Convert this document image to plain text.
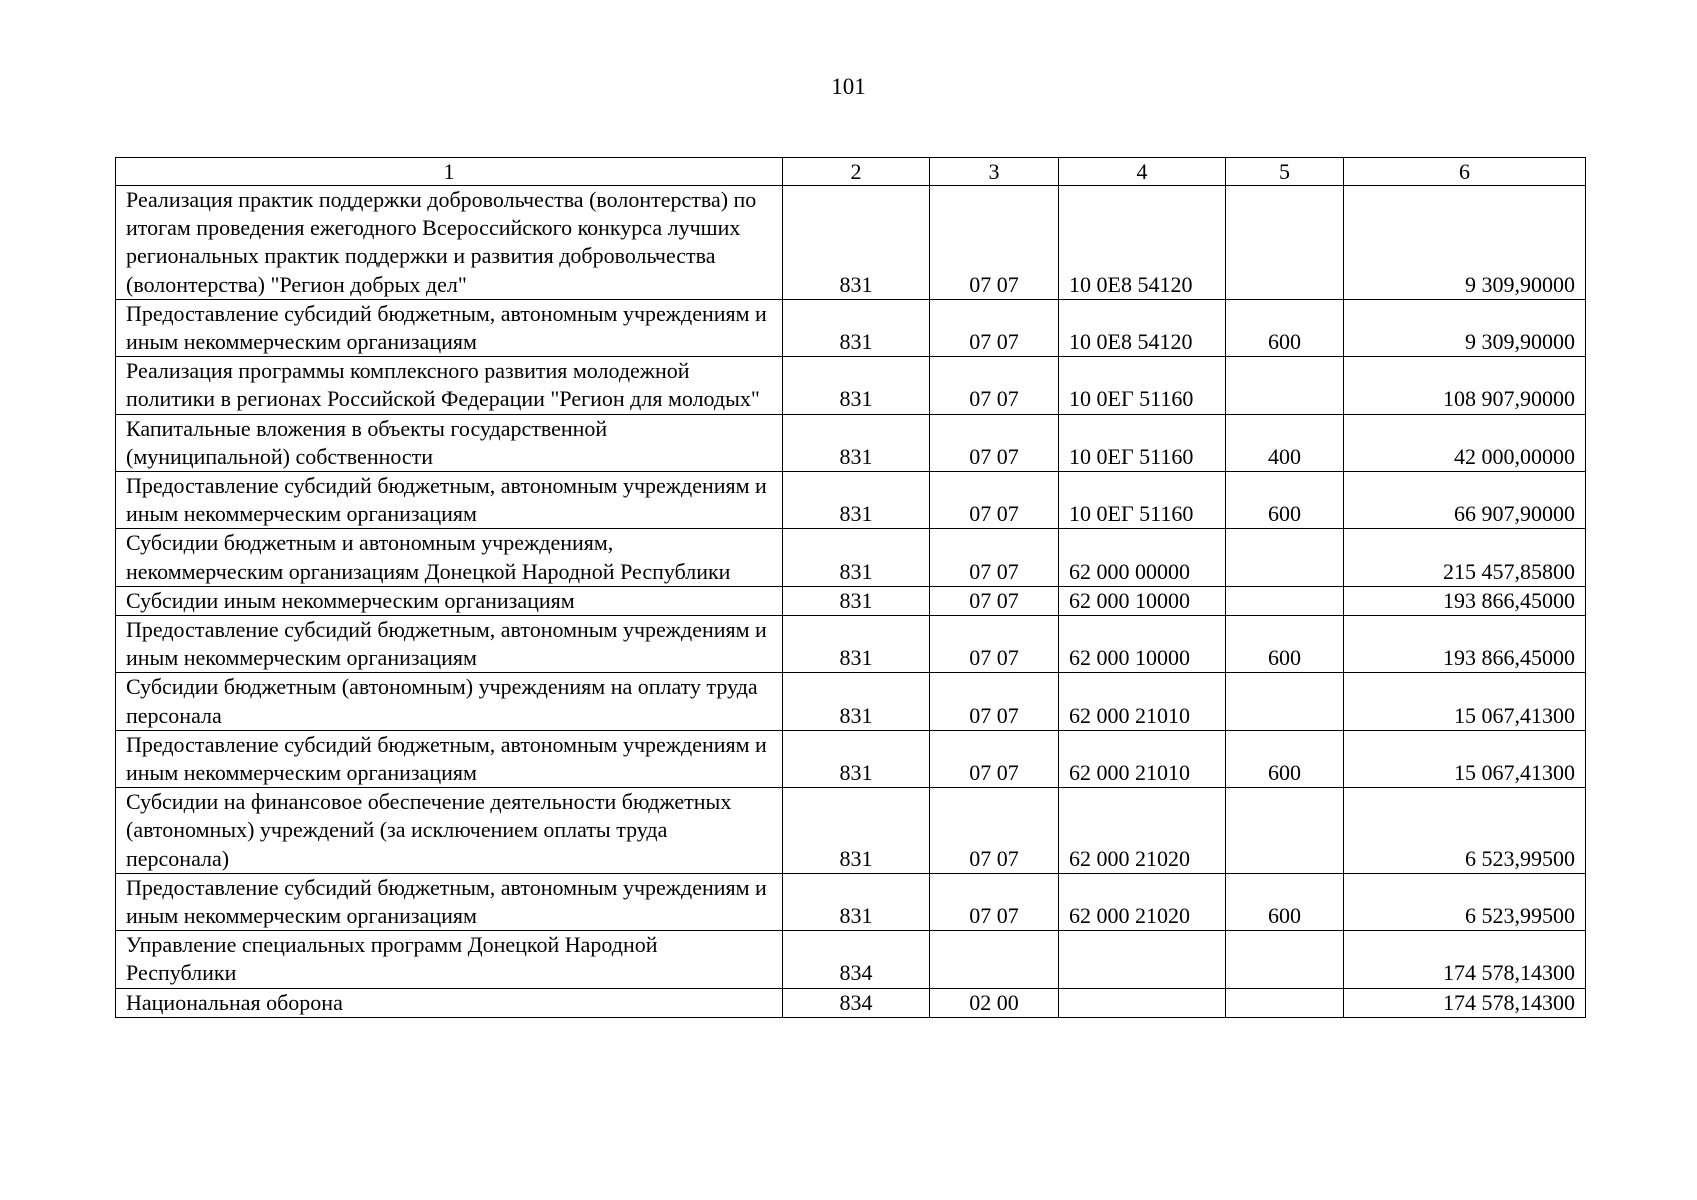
101
1	2	3	4	5	6
Реализация практик поддержки добровольчества (волонтерства) по итогам проведения ежегодного Всероссийского конкурса лучших региональных практик поддержки и развития добровольчества (волонтерства) "Регион добрых дел"	831	07 07	10 0Е8 54120		9 309,90000
Предоставление субсидий бюджетным, автономным учреждениям и иным некоммерческим организациям	831	07 07	10 0Е8 54120	600	9 309,90000
Реализация программы комплексного развития молодежной политики в регионах Российской Федерации "Регион для молодых"	831	07 07	10 0ЕГ 51160		108 907,90000
Капитальные вложения в объекты государственной (муниципальной) собственности	831	07 07	10 0ЕГ 51160	400	42 000,00000
Предоставление субсидий бюджетным, автономным учреждениям и иным некоммерческим организациям	831	07 07	10 0ЕГ 51160	600	66 907,90000
Субсидии бюджетным и автономным учреждениям, некоммерческим организациям Донецкой Народной Республики	831	07 07	62 000 00000		215 457,85800
Субсидии иным некоммерческим организациям	831	07 07	62 000 10000		193 866,45000
Предоставление субсидий бюджетным, автономным учреждениям и иным некоммерческим организациям	831	07 07	62 000 10000	600	193 866,45000
Субсидии бюджетным (автономным) учреждениям на оплату труда персонала	831	07 07	62 000 21010		15 067,41300
Предоставление субсидий бюджетным, автономным учреждениям и иным некоммерческим организациям	831	07 07	62 000 21010	600	15 067,41300
Субсидии на финансовое обеспечение деятельности бюджетных (автономных) учреждений (за исключением оплаты труда персонала)	831	07 07	62 000 21020		6 523,99500
Предоставление субсидий бюджетным, автономным учреждениям и иным некоммерческим организациям	831	07 07	62 000 21020	600	6 523,99500
Управление специальных программ Донецкой Народной Республики	834				174 578,14300
Национальная оборона	834	02 00			174 578,14300
